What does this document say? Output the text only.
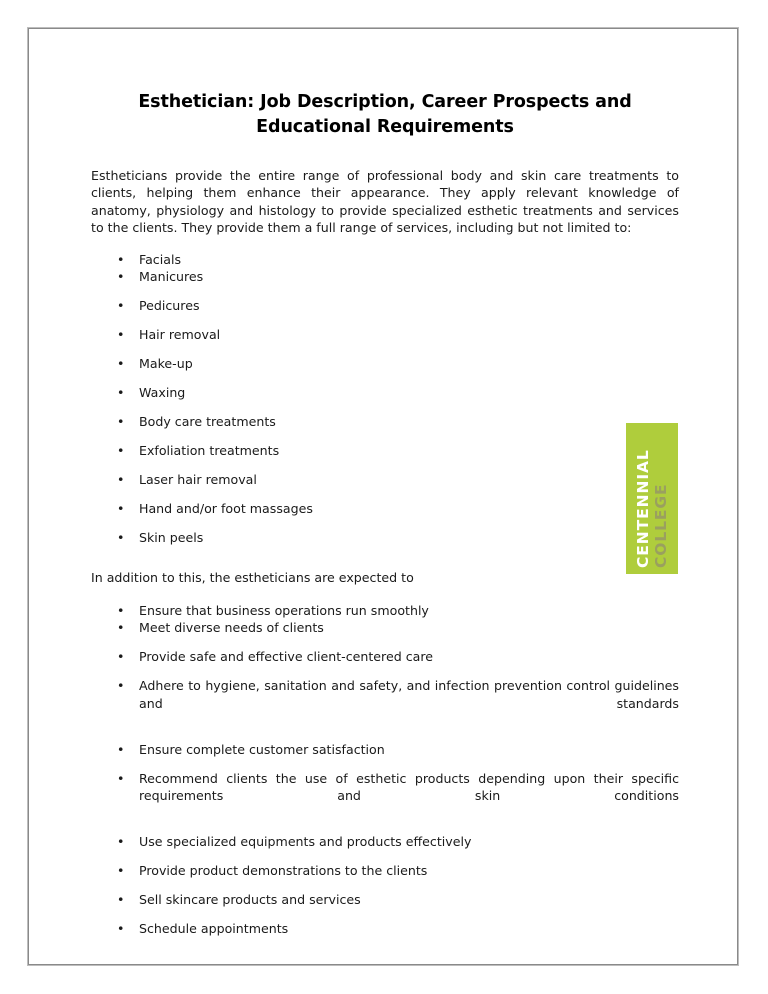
Esthetician: Job Description, Career Prospects and
Educational Requirements

Estheticians provide the entire range of professional body and skin care treatments to clients, helping them enhance their appearance. They apply relevant knowledge of anatomy, physiology and histology to provide specialized esthetic treatments and services to the clients. They provide them a full range of services, including but not limited to:

• Facials
• Manicures
• Pedicures
• Hair removal
• Make-up
• Waxing
• Body care treatments
• Exfoliation treatments
• Laser hair removal
• Hand and/or foot massages
• Skin peels

In addition to this, the estheticians are expected to

• Ensure that business operations run smoothly
• Meet diverse needs of clients
• Provide safe and effective client-centered care
• Adhere to hygiene, sanitation and safety, and infection prevention control guidelines and standards
• Ensure complete customer satisfaction
• Recommend clients the use of esthetic products depending upon their specific requirements and skin conditions
• Use specialized equipments and products effectively
• Provide product demonstrations to the clients
• Sell skincare products and services
• Schedule appointments
CENTENNIAL COLLEGE
